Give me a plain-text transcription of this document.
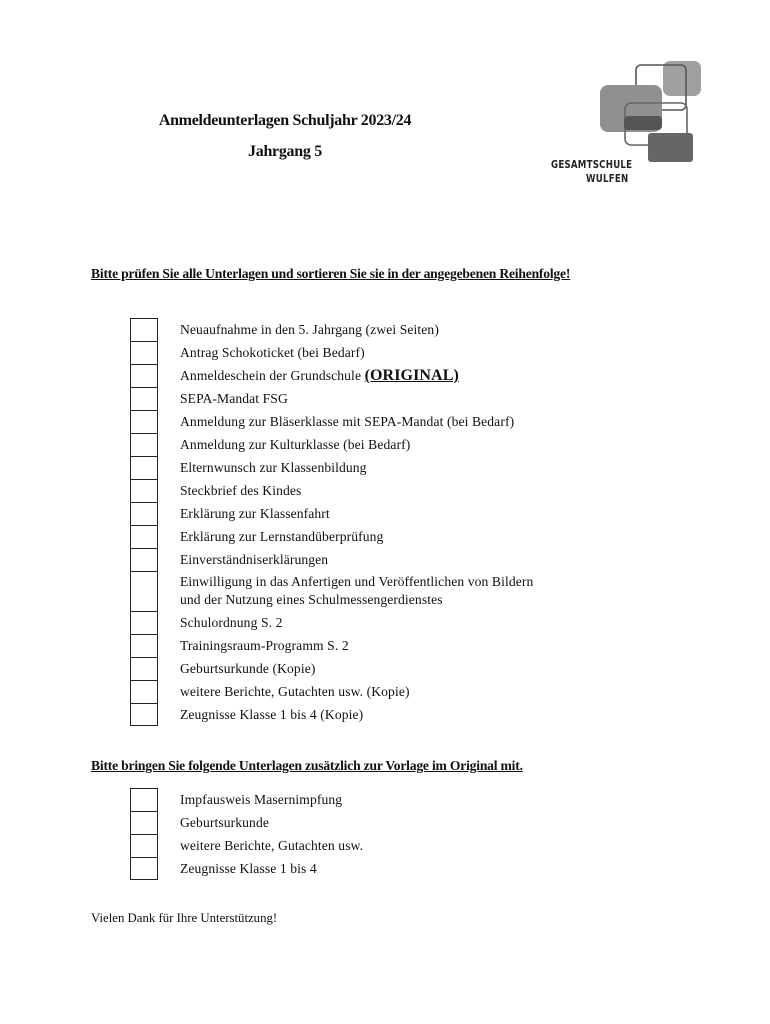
Anmeldeunterlagen Schuljahr 2023/24
Jahrgang 5
GESAMTSCHULE
WULFEN
Bitte prüfen Sie alle Unterlagen und sortieren Sie sie in der angegebenen Reihenfolge!
Neuaufnahme in den 5. Jahrgang (zwei Seiten)
Antrag Schokoticket (bei Bedarf)
Anmeldeschein der Grundschule (ORIGINAL)
SEPA-Mandat FSG
Anmeldung zur Bläserklasse mit SEPA-Mandat (bei Bedarf)
Anmeldung zur Kulturklasse (bei Bedarf)
Elternwunsch zur Klassenbildung
Steckbrief des Kindes
Erklärung zur Klassenfahrt
Erklärung zur Lernstandüberprüfung
Einverständniserklärungen
Einwilligung in das Anfertigen und Veröffentlichen von Bildern
und der Nutzung eines Schulmessengerdienstes
Schulordnung S. 2
Trainingsraum-Programm S. 2
Geburtsurkunde (Kopie)
weitere Berichte, Gutachten usw. (Kopie)
Zeugnisse Klasse 1 bis 4 (Kopie)
Bitte bringen Sie folgende Unterlagen zusätzlich zur Vorlage im Original mit.
Impfausweis Masernimpfung
Geburtsurkunde
weitere Berichte, Gutachten usw.
Zeugnisse Klasse 1 bis 4
Vielen Dank für Ihre Unterstützung!
